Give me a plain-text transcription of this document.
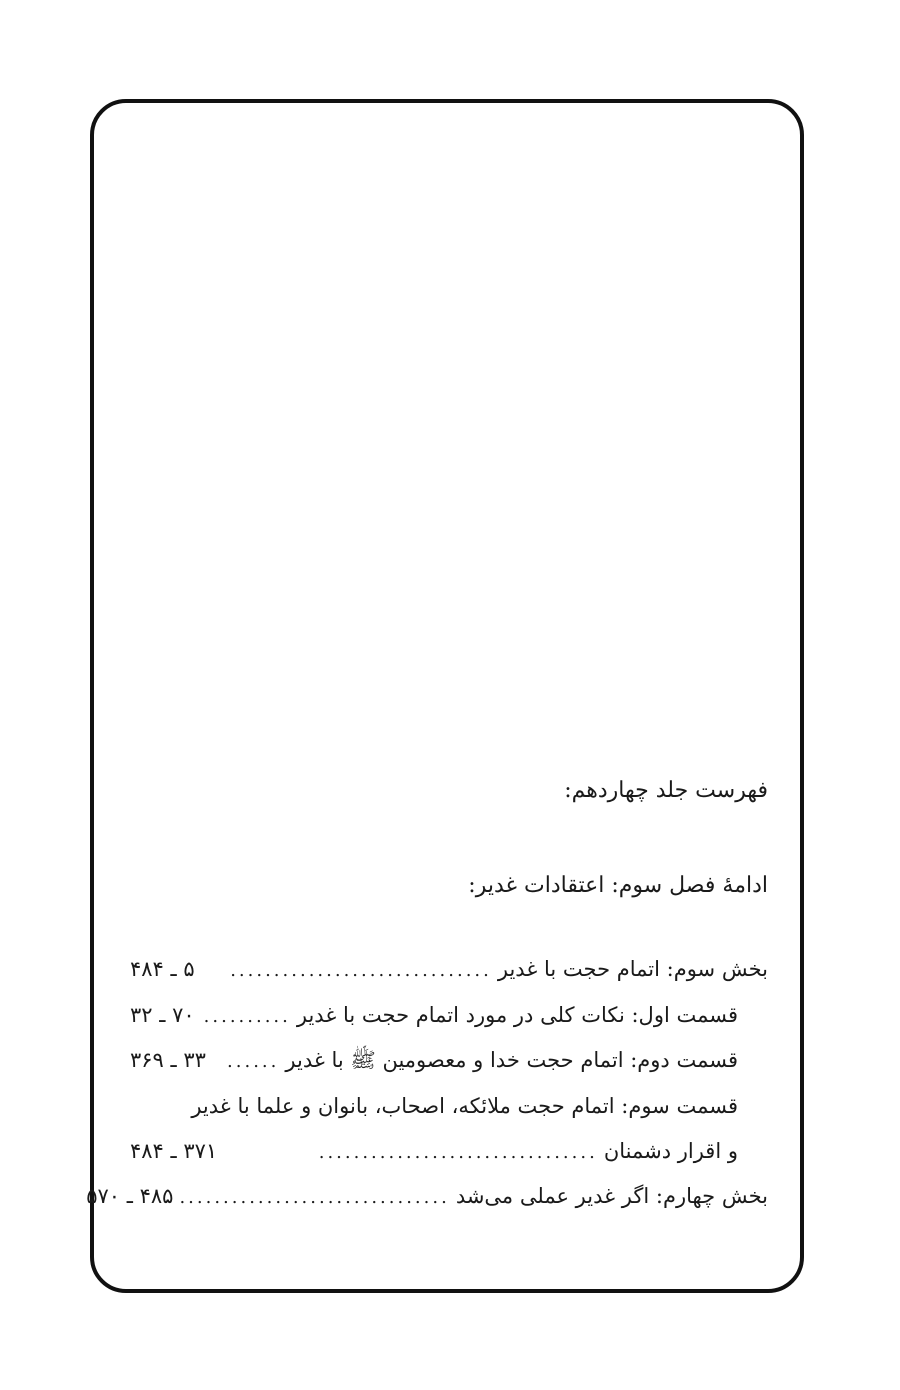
فهرست جلد چهاردهم:
ادامۀ فصل سوم: اعتقادات غدیر:
بخش سوم: اتمام حجت با غدیر
..............................
۵ ـ ۴۸۴
قسمت اول: نکات کلی در مورد اتمام حجت با غدیر
..........
۷۰ ـ ۳۲
قسمت دوم: اتمام حجت خدا و معصومین ﷺ با غدیر
......
۳۳ ـ ۳۶۹
قسمت سوم: اتمام حجت ملائکه، اصحاب، بانوان و علما با غدیر
و اقرار دشمنان
................................
۳۷۱ ـ ۴۸۴
بخش چهارم: اگر غدیر عملی می‌شد
...............................
۴۸۵ ـ ۵۷۰
